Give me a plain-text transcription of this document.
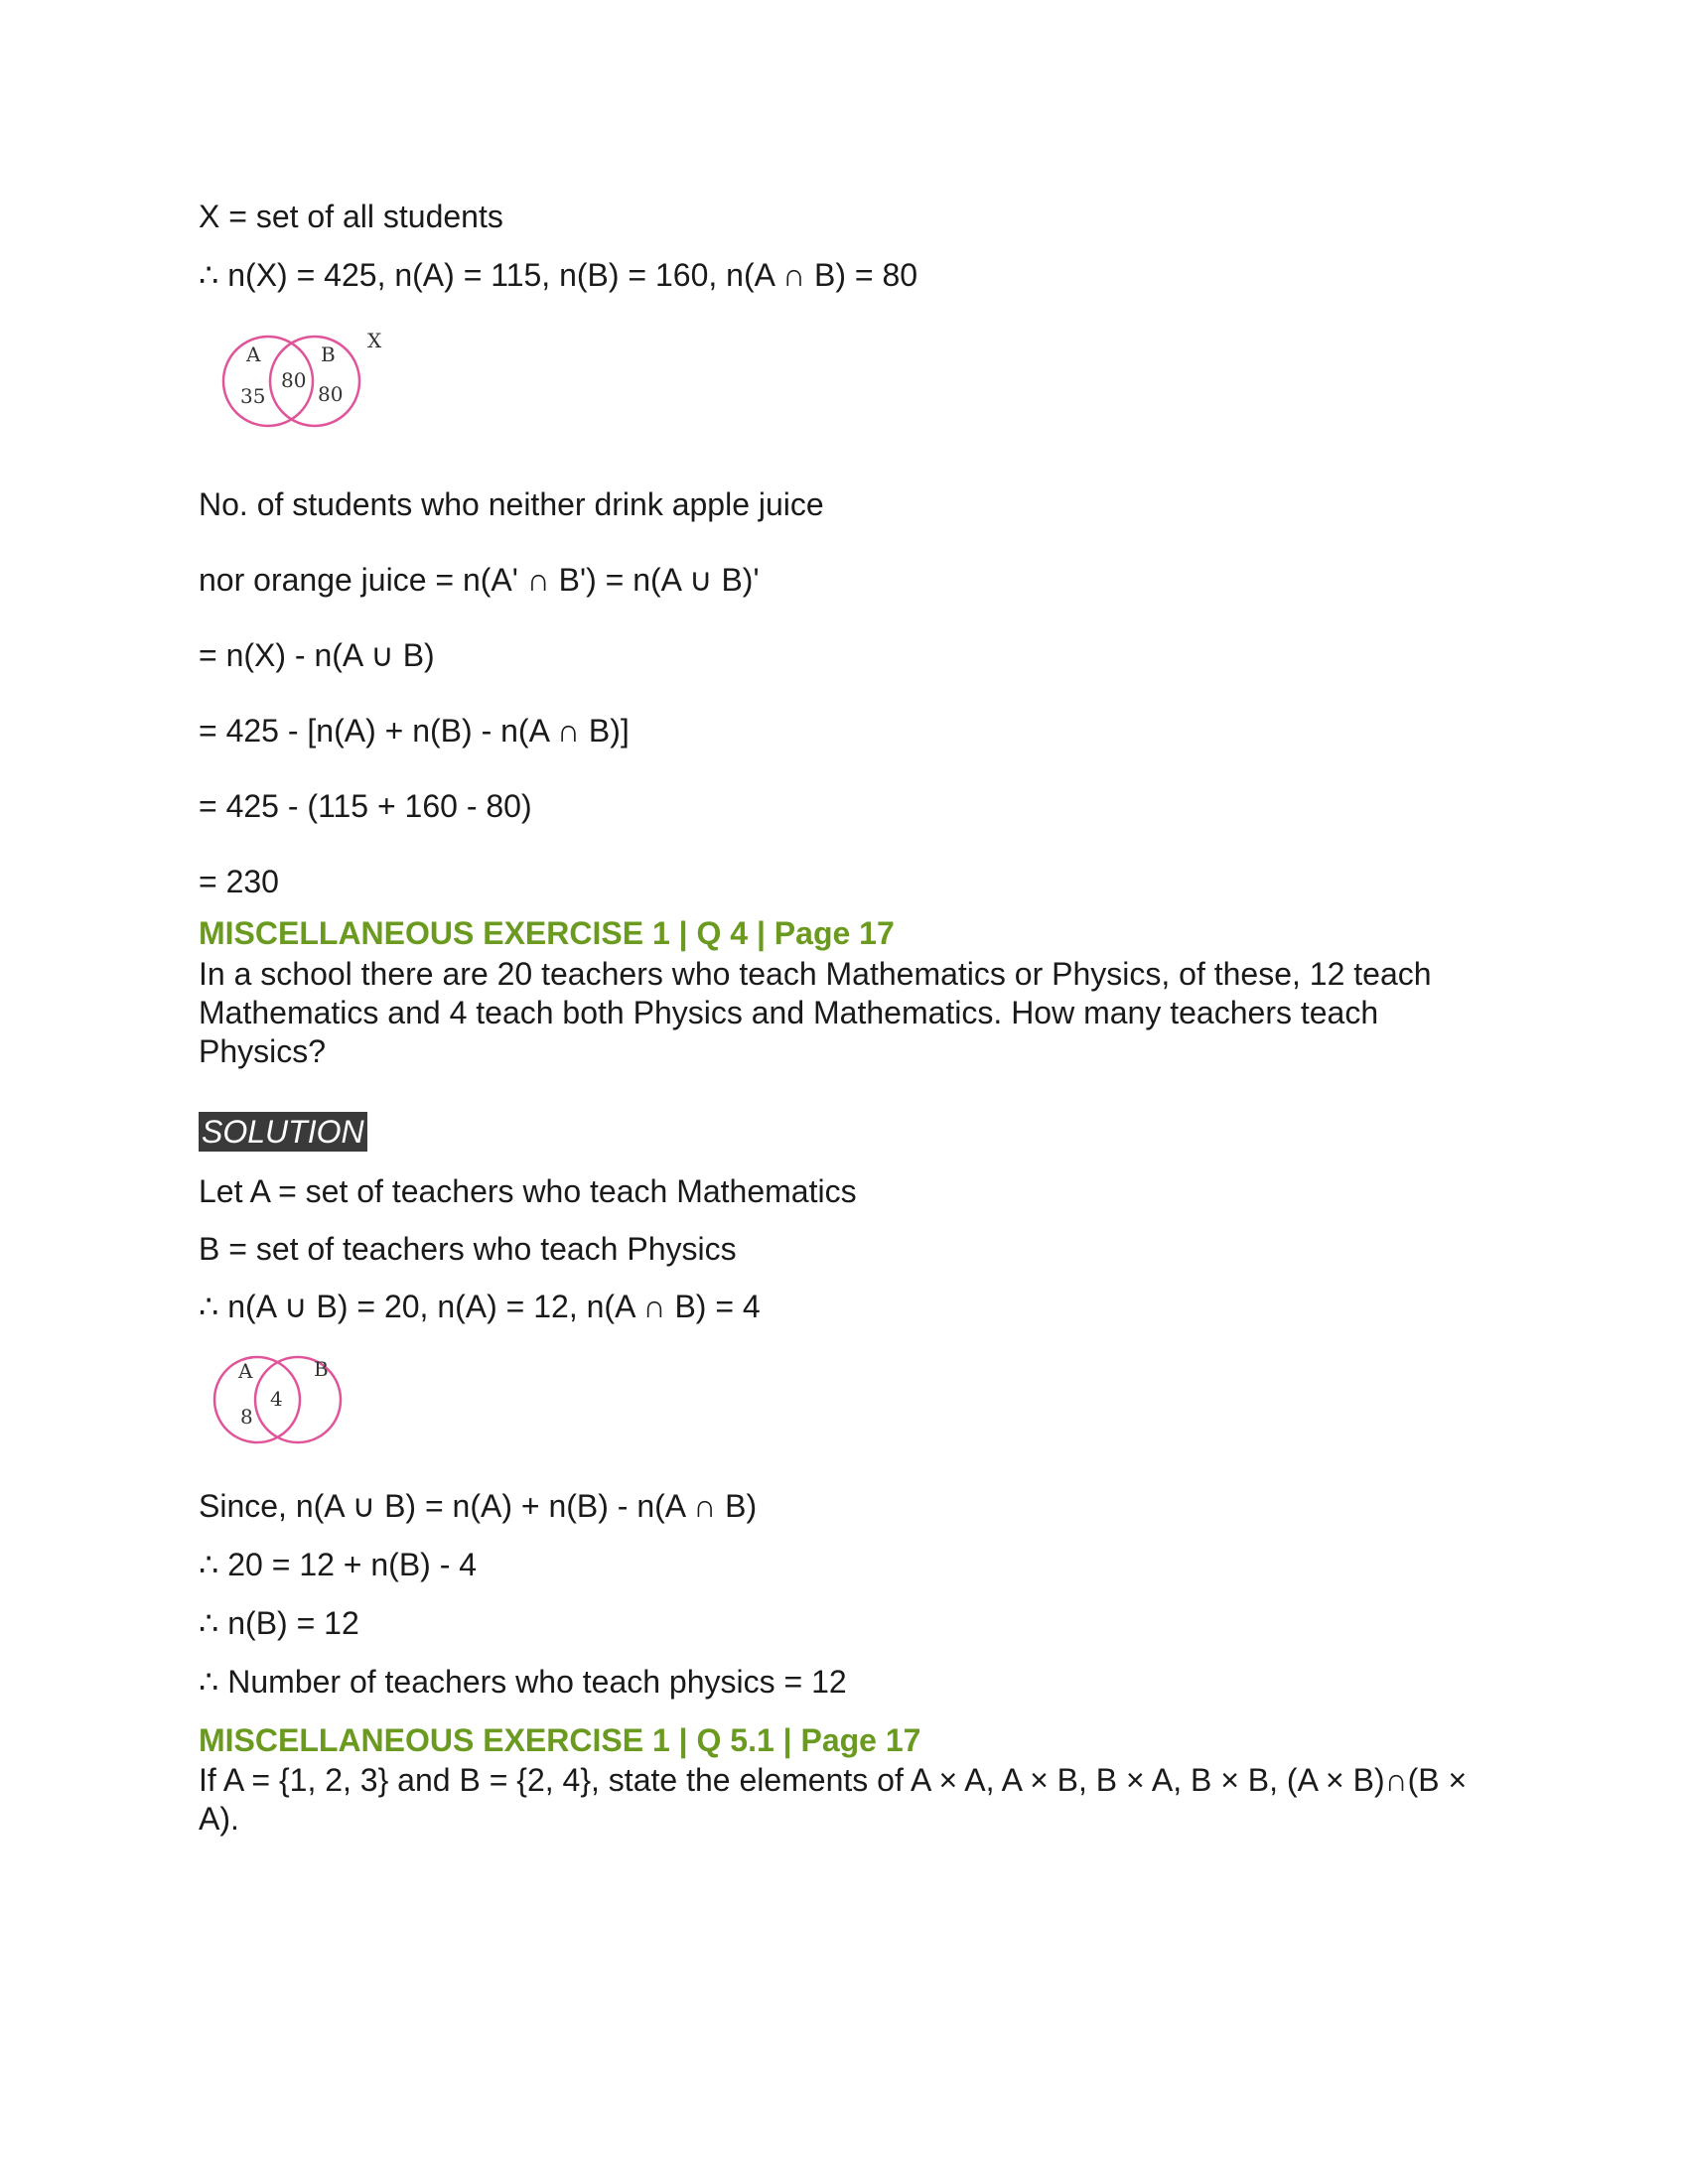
X = set of all students
∴ n(X) = 425, n(A) = 115, n(B) = 160, n(A ∩ B) = 80
A	B
X
35
80
80
No. of students who neither drink apple juice
nor orange juice = n(A' ∩ B') = n(A ∪ B)'
= n(X) - n(A ∪ B)
= 425 - [n(A) + n(B) - n(A ∩ B)]
= 425 - (115 + 160 - 80)
= 230
MISCELLANEOUS EXERCISE 1 | Q 4 | Page 17
In a school there are 20 teachers who teach Mathematics or Physics, of these, 12 teach Mathematics and 4 teach both Physics and Mathematics. How many teachers teach Physics?
SOLUTION
Let A = set of teachers who teach Mathematics
B = set of teachers who teach Physics
∴ n(A ∪ B) = 20, n(A) = 12, n(A ∩ B) = 4
A	B
8
4
Since, n(A ∪ B) = n(A) + n(B) - n(A ∩ B)
∴ 20 = 12 + n(B) - 4
∴ n(B) = 12
∴ Number of teachers who teach physics = 12
MISCELLANEOUS EXERCISE 1 | Q 5.1 | Page 17
If A = {1, 2, 3} and B = {2, 4}, state the elements of A × A, A × B, B × A, B × B, (A × B)∩(B × A).
